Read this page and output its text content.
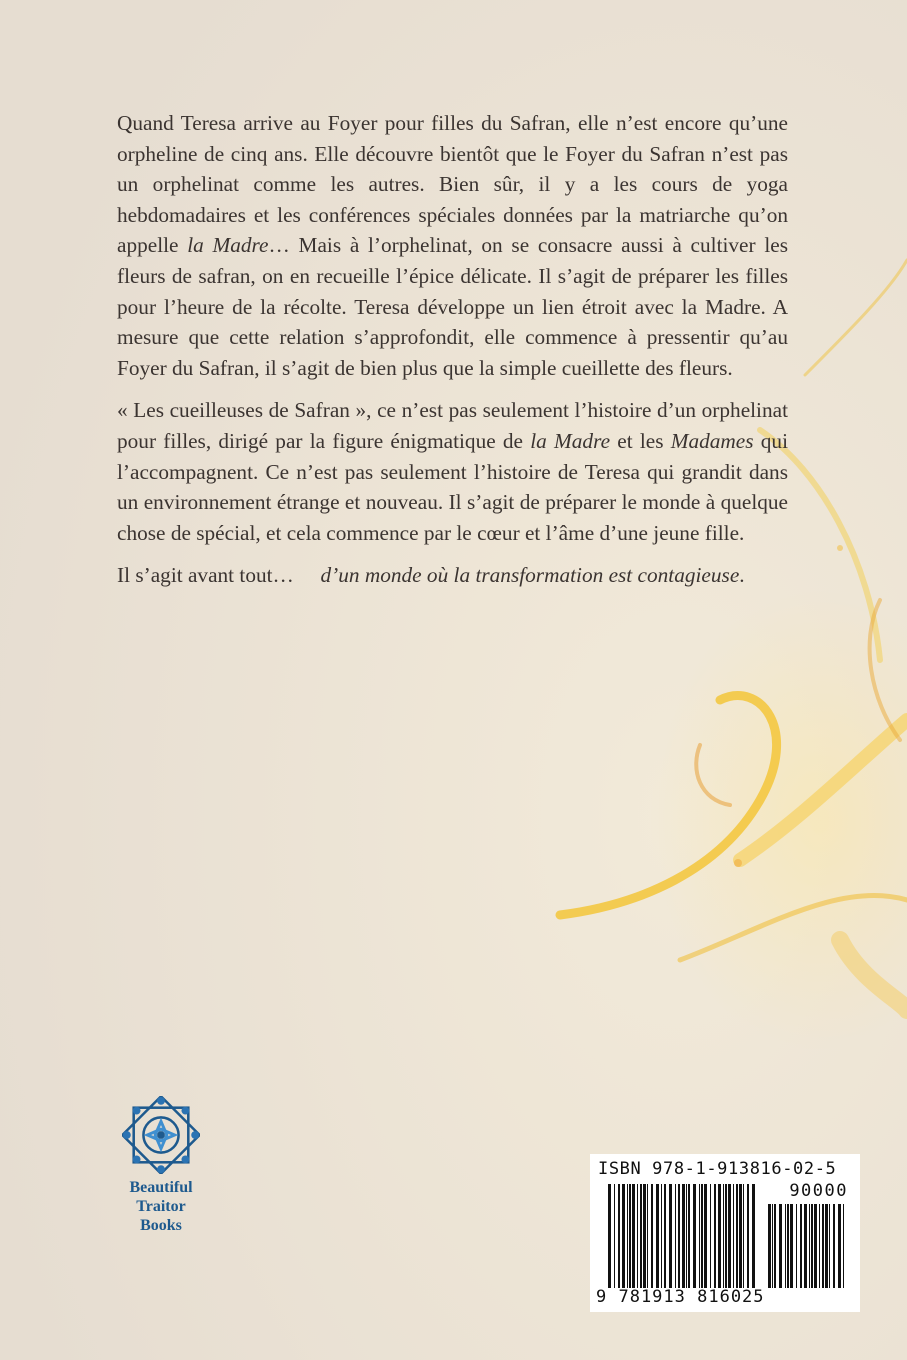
Quand Teresa arrive au Foyer pour filles du Safran, elle n’est encore qu’une orpheline de cinq ans. Elle découvre bientôt que le Foyer du Safran n’est pas un orphelinat comme les autres. Bien sûr, il y a les cours de yoga hebdomadaires et les conférences spéciales données par la matriarche qu’on appelle la Madre… Mais à l’orphelinat, on se consacre aussi à cultiver les fleurs de safran, on en recueille l’épice délicate. Il s’agit de préparer les filles pour l’heure de la récolte. Teresa développe un lien étroit avec la Madre. A mesure que cette relation s’approfondit, elle commence à pressentir qu’au Foyer du Safran, il s’agit de bien plus que la simple cueillette des fleurs.

« Les cueilleuses de Safran », ce n’est pas seulement l’histoire d’un orphelinat pour filles, dirigé par la figure énigmatique de la Madre et les Madames qui l’accompagnent. Ce n’est pas seulement l’histoire de Teresa qui grandit dans un environnement étrange et nouveau. Il s’agit de préparer le monde à quelque chose de spécial, et cela commence par le cœur et l’âme d’une jeune fille.

Il s’agit avant tout…     d’un monde où la transformation est contagieuse.

Beautiful
Traitor
Books
ISBN 978-1-913816-02-5
90000
9 781913 816025
